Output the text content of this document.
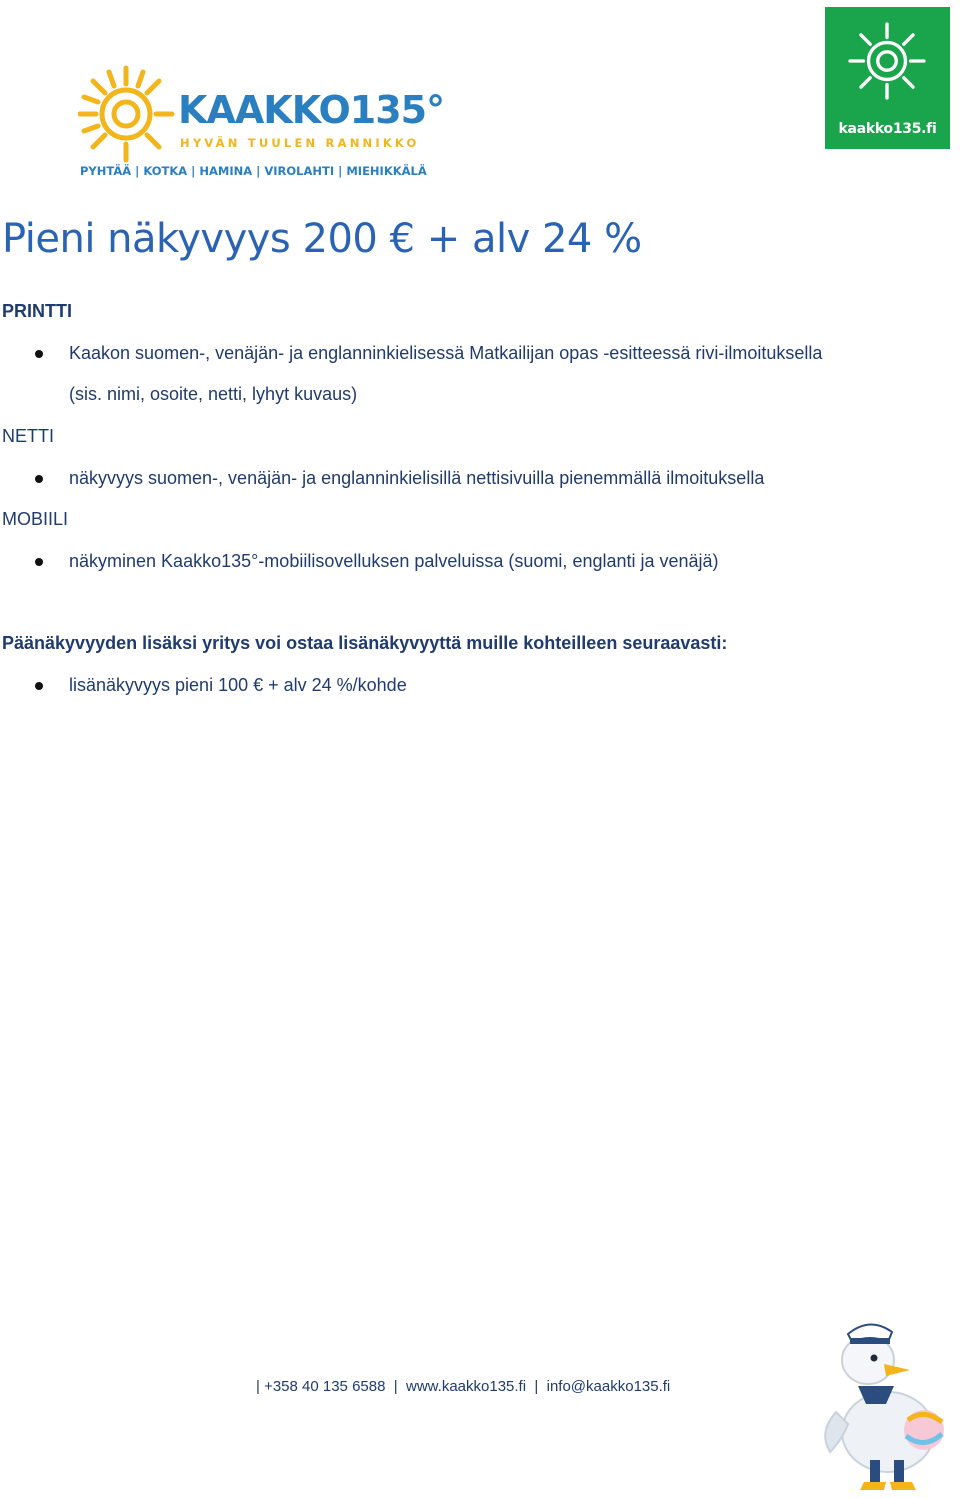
KAAKKO135°
HYVÄN TUULEN RANNIKKO
PYHTÄÄ | KOTKA | HAMINA | VIROLAHTI | MIEHIKKÄLÄ
kaakko135.fi
Pieni näkyvyys 200 € + alv 24 %
PRINTTI
Kaakon suomen-, venäjän- ja englanninkielisessä Matkailijan opas -esitteessä rivi-ilmoituksella
(sis. nimi, osoite, netti, lyhyt kuvaus)
NETTI
näkyvyys suomen-, venäjän- ja englanninkielisillä nettisivuilla pienemmällä ilmoituksella
MOBIILI
näkyminen Kaakko135°-mobiilisovelluksen palveluissa (suomi, englanti ja venäjä)
Päänäkyvyyden lisäksi yritys voi ostaa lisänäkyvyyttä muille kohteilleen seuraavasti:
lisänäkyvyys pieni 100 € + alv 24 %/kohde
| +358 40 135 6588  |  www.kaakko135.fi  |  info@kaakko135.fi
